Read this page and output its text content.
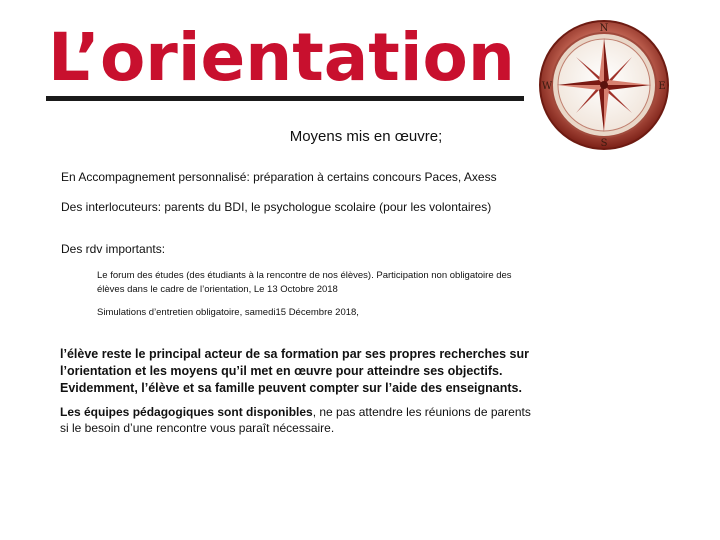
L’orientation	N
S
E
W

Moyens mis en œuvre;

En Accompagnement personnalisé: préparation à certains concours Paces, Axess

Des interlocuteurs: parents du BDI, le psychologue scolaire (pour les volontaires)

Des rdv importants:

Le forum des études (des étudiants à la rencontre de nos élèves). Participation non obligatoire des

élèves dans le cadre de l’orientation, Le 13 Octobre 2018

Simulations d’entretien obligatoire, samedi15 Décembre 2018,

l’élève reste le principal acteur de sa formation par ses propres recherches sur
l’orientation et les moyens qu’il met en œuvre pour atteindre ses objectifs.
Evidemment, l’élève et sa famille peuvent compter sur l’aide des enseignants.

Les équipes pédagogiques sont disponibles, ne pas attendre les réunions de parents
si le besoin d’une rencontre vous paraît nécessaire.
